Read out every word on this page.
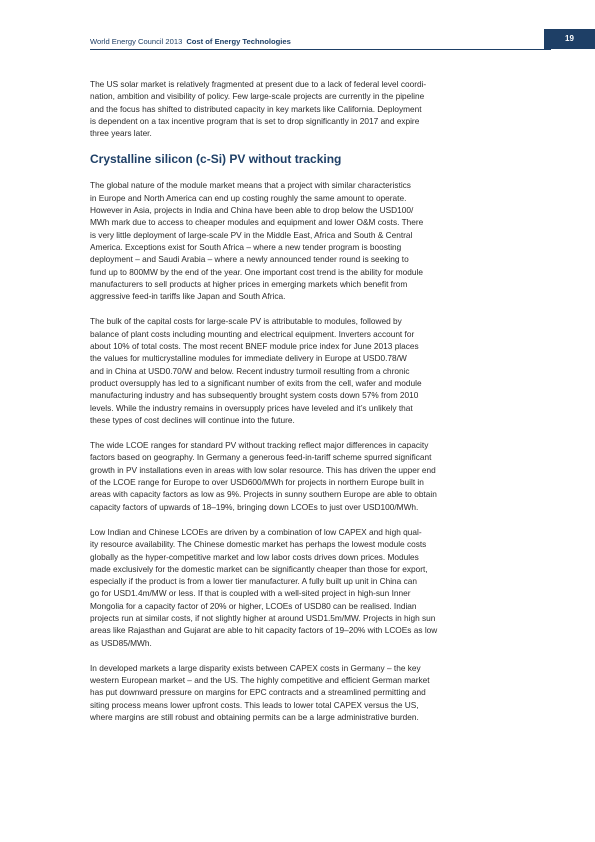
World Energy Council 2013 Cost of Energy Technologies	19

The US solar market is relatively fragmented at present due to a lack of federal level coordi-
nation, ambition and visibility of policy. Few large-scale projects are currently in the pipeline
and the focus has shifted to distributed capacity in key markets like California. Deployment
is dependent on a tax incentive program that is set to drop significantly in 2017 and expire
three years later.

Crystalline silicon (c-Si) PV without tracking

The global nature of the module market means that a project with similar characteristics
in Europe and North America can end up costing roughly the same amount to operate.
However in Asia, projects in India and China have been able to drop below the USD100/
MWh mark due to access to cheaper modules and equipment and lower O&M costs. There
is very little deployment of large-scale PV in the Middle East, Africa and South & Central
America. Exceptions exist for South Africa – where a new tender program is boosting
deployment – and Saudi Arabia – where a newly announced tender round is seeking to
fund up to 800MW by the end of the year. One important cost trend is the ability for module
manufacturers to sell products at higher prices in emerging markets which benefit from
aggressive feed-in tariffs like Japan and South Africa.

The bulk of the capital costs for large-scale PV is attributable to modules, followed by
balance of plant costs including mounting and electrical equipment. Inverters account for
about 10% of total costs. The most recent BNEF module price index for June 2013 places
the values for multicrystalline modules for immediate delivery in Europe at USD0.78/W
and in China at USD0.70/W and below. Recent industry turmoil resulting from a chronic
product oversupply has led to a significant number of exits from the cell, wafer and module
manufacturing industry and has subsequently brought system costs down 57% from 2010
levels. While the industry remains in oversupply prices have leveled and it’s unlikely that
these types of cost declines will continue into the future.

The wide LCOE ranges for standard PV without tracking reflect major differences in capacity
factors based on geography. In Germany a generous feed-in-tariff scheme spurred significant
growth in PV installations even in areas with low solar resource. This has driven the upper end
of the LCOE range for Europe to over USD600/MWh for projects in northern Europe built in
areas with capacity factors as low as 9%. Projects in sunny southern Europe are able to obtain
capacity factors of upwards of 18–19%, bringing down LCOEs to just over USD100/MWh.

Low Indian and Chinese LCOEs are driven by a combination of low CAPEX and high qual-
ity resource availability. The Chinese domestic market has perhaps the lowest module costs
globally as the hyper-competitive market and low labor costs drives down prices. Modules
made exclusively for the domestic market can be significantly cheaper than those for export,
especially if the product is from a lower tier manufacturer. A fully built up unit in China can
go for USD1.4m/MW or less. If that is coupled with a well-sited project in high-sun Inner
Mongolia for a capacity factor of 20% or higher, LCOEs of USD80 can be realised. Indian
projects run at similar costs, if not slightly higher at around USD1.5m/MW. Projects in high sun
areas like Rajasthan and Gujarat are able to hit capacity factors of 19–20% with LCOEs as low
as USD85/MWh.

In developed markets a large disparity exists between CAPEX costs in Germany – the key
western European market – and the US. The highly competitive and efficient German market
has put downward pressure on margins for EPC contracts and a streamlined permitting and
siting process means lower upfront costs. This leads to lower total CAPEX versus the US,
where margins are still robust and obtaining permits can be a large administrative burden.
